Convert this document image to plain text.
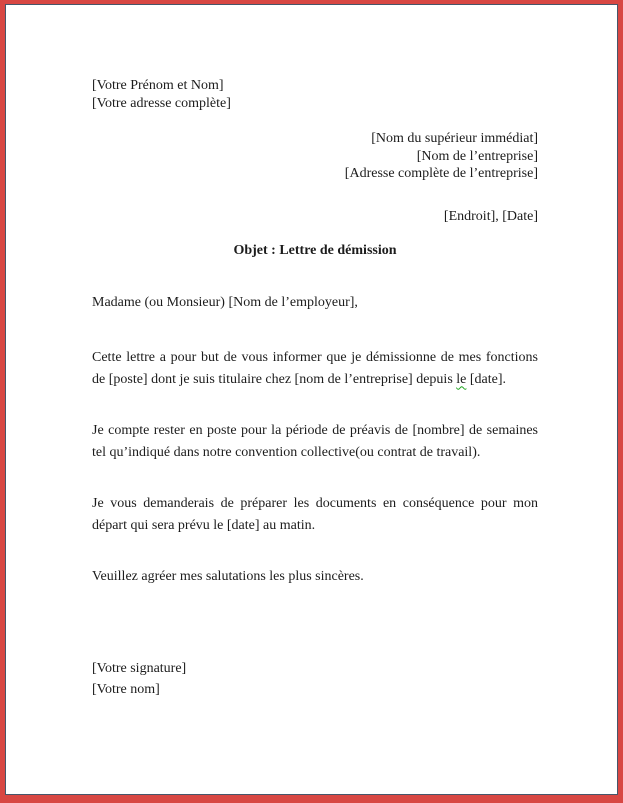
[Votre Prénom et Nom]
[Votre adresse complète]
[Nom du supérieur immédiat]
[Nom de l’entreprise]
[Adresse complète de l’entreprise]
[Endroit], [Date]
Objet : Lettre de démission
Madame (ou Monsieur) [Nom de l’employeur],

Cette lettre a pour but de vous informer que je démissionne de mes fonctions de [poste] dont je suis titulaire chez [nom de l’entreprise] depuis le [date].

Je compte rester en poste pour la période de préavis de [nombre] de semaines tel qu’indiqué dans notre convention collective(ou contrat de travail).

Je vous demanderais de préparer les documents en conséquence pour mon départ qui sera prévu le [date] au matin.

Veuillez agréer mes salutations les plus sincères.
[Votre signature]
[Votre nom]
